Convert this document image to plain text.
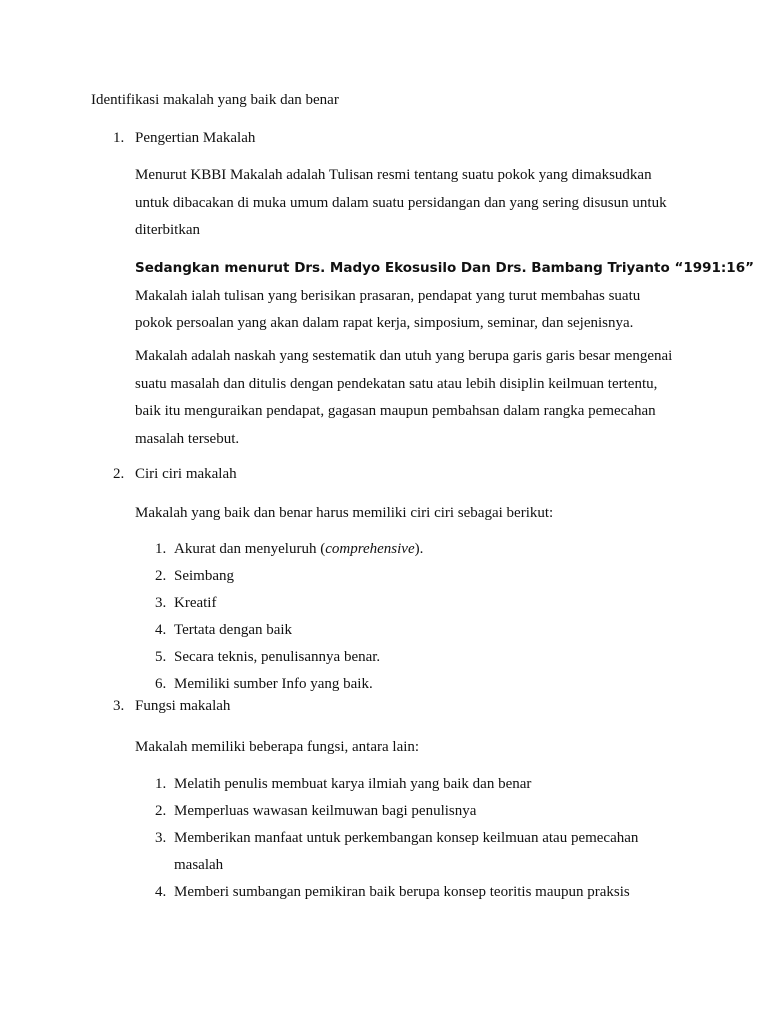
Identifikasi makalah yang baik dan benar
1. Pengertian Makalah
Menurut KBBI Makalah adalah Tulisan resmi tentang suatu pokok yang dimaksudkan
untuk dibacakan di muka umum dalam suatu persidangan dan yang sering disusun untuk
diterbitkan
Sedangkan menurut Drs. Madyo Ekosusilo Dan Drs. Bambang Triyanto “1991:16”
Makalah ialah tulisan yang berisikan prasaran, pendapat yang turut membahas suatu
pokok persoalan yang akan dalam rapat kerja, simposium, seminar, dan sejenisnya.
Makalah adalah naskah yang sestematik dan utuh yang berupa garis garis besar mengenai
suatu masalah dan ditulis dengan pendekatan satu atau lebih disiplin keilmuan tertentu,
baik itu menguraikan pendapat, gagasan maupun pembahsan dalam rangka pemecahan
masalah tersebut.
2. Ciri ciri makalah
Makalah yang baik dan benar harus memiliki ciri ciri sebagai berikut:
1. Akurat dan menyeluruh (comprehensive).
2. Seimbang
3. Kreatif
4. Tertata dengan baik
5. Secara teknis, penulisannya benar.
6. Memiliki sumber Info yang baik.
3. Fungsi makalah
Makalah memiliki beberapa fungsi, antara lain:
1. Melatih penulis membuat karya ilmiah yang baik dan benar
2. Memperluas wawasan keilmuwan bagi penulisnya
3. Memberikan manfaat untuk perkembangan konsep keilmuan atau pemecahan
masalah
4. Memberi sumbangan pemikiran baik berupa konsep teoritis maupun praksis
